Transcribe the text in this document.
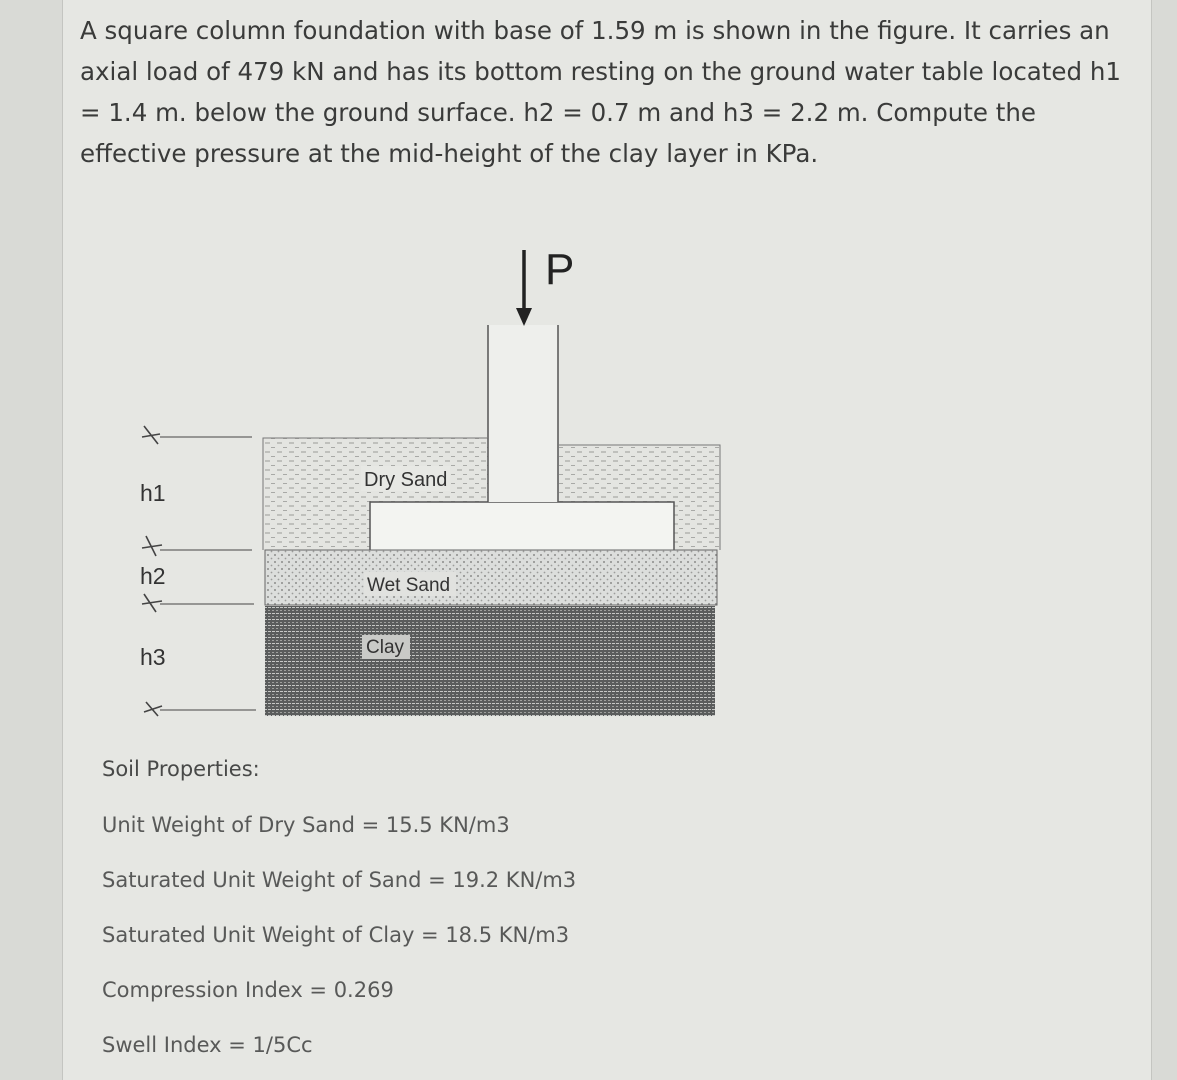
A square column foundation with base of 1.59 m is shown in the figure. It carries an axial load of 479 kN and has its bottom resting on the ground water table located h1 = 1.4 m. below the ground surface. h2 = 0.7 m and h3 = 2.2 m. Compute the effective pressure at the mid-height of the clay layer in KPa.

Dry Sand
Wet Sand
Clay
P
h1
h2
h3
Soil Properties:
Unit Weight of Dry Sand = 15.5 KN/m3
Saturated Unit Weight of Sand = 19.2 KN/m3
Saturated Unit Weight of Clay = 18.5 KN/m3
Compression Index = 0.269
Swell Index = 1/5Cc
